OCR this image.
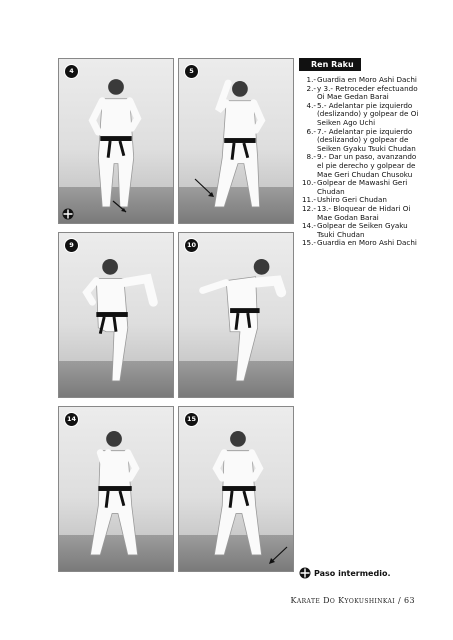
4	5
9	10
14	15
Ren Raku
1.- Guardia en Moro Ashi Dachi
2.- y 3.- Retroceder efectuando Oi Mae Gedan Barai
4.- 5.- Adelantar pie izquierdo (deslizando) y golpear de Oi Seiken Ago Uchi
6.- 7.- Adelantar pie izquierdo (deslizando) y golpear de Seiken Gyaku Tsuki Chudan
8.- 9.- Dar un paso, avanzando el pie derecho y golpear de Mae Geri Chudan Chusoku
10.- Golpear de Mawashi Geri Chudan
11.- Ushiro Geri Chudan
12.- 13.- Bloquear de Hidari Oi Mae Godan Barai
14.- Golpear de Seiken Gyaku Tsuki Chudan
15.- Guardia en Moro Ashi Dachi
Paso intermedio.
Karate Do Kyokushinkai / 63
